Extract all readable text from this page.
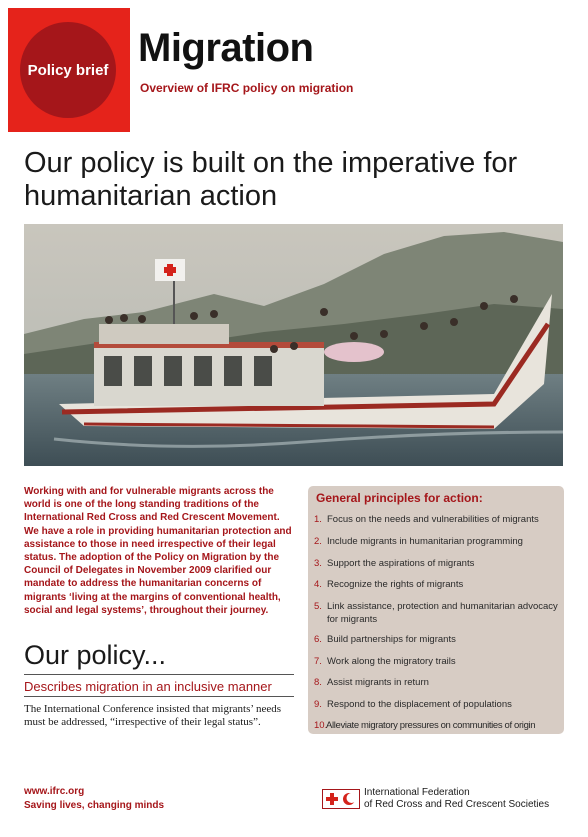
Policy brief Migration
Overview of IFRC policy on migration
Our policy is built on the imperative for humanitarian action
Working with and for vulnerable migrants across the world is one of the long standing traditions of the International Red Cross and Red Crescent Movement. We have a role in providing humanitarian protection and assistance to those in need irrespective of their legal status. The adoption of the Policy on Migration by the Council of Delegates in November 2009 clarified our mandate to address the humanitarian concerns of migrants ‘living at the margins of conventional health, social and legal systems’, throughout their journey.
Our policy...
Describes migration in an inclusive manner
The International Conference insisted that migrants’ needs must be addressed, “irrespective of their legal status”.
General principles for action:
1. Focus on the needs and vulnerabilities of migrants
2. Include migrants in humanitarian programming
3. Support the aspirations of migrants
4. Recognize the rights of migrants
5. Link assistance, protection and humanitarian advocacy for migrants
6. Build partnerships for migrants
7. Work along the migratory trails
8. Assist migrants in return
9. Respond to the displacement of populations
10.
Alleviate migratory pressures on communities of origin
www.ifrc.org
Saving lives, changing minds
International Federation
of Red Cross and Red Crescent Societies
